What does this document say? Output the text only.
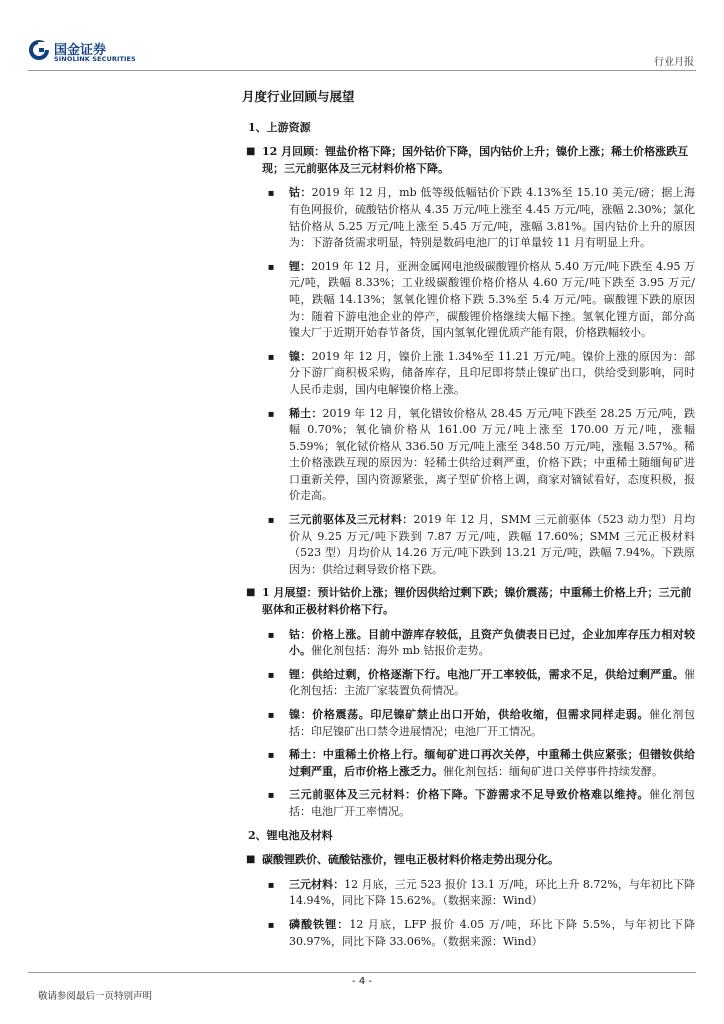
国金证券
SINOLINK SECURITIES	行业月报
月度行业回顾与展望
1、上游资源
■ 12 月回顾：锂盐价格下降；国外钴价下降，国内钴价上升；镍价上涨；稀土价格涨跌互现；三元前驱体及三元材料价格下降。
■ 钴：2019 年 12 月，mb 低等级低幅钴价下跌 4.13%至 15.10 美元/磅；据上海有色网报价，硫酸钴价格从 4.35 万元/吨上涨至 4.45 万元/吨，涨幅 2.30%；氯化钴价格从 5.25 万元/吨上涨至 5.45 万元/吨，涨幅 3.81%。国内钴价上升的原因为：下游备货需求明显，特别是数码电池厂的订单量较 11 月有明显上升。
■ 锂：2019 年 12 月，亚洲金属网电池级碳酸锂价格从 5.40 万元/吨下跌至 4.95 万元/吨，跌幅 8.33%；工业级碳酸锂价格价格从 4.60 万元/吨下跌至 3.95 万元/吨，跌幅 14.13%；氢氧化锂价格下跌 5.3%至 5.4 万元/吨。碳酸锂下跌的原因为：随着下游电池企业的停产，碳酸锂价格继续大幅下挫。氢氧化锂方面，部分高镍大厂于近期开始春节备货，国内氢氧化锂优质产能有限，价格跌幅较小。
■ 镍：2019 年 12 月，镍价上涨 1.34%至 11.21 万元/吨。镍价上涨的原因为：部分下游厂商积极采购，储备库存，且印尼即将禁止镍矿出口，供给受到影响，同时人民币走弱，国内电解镍价格上涨。
■ 稀土：2019 年 12 月，氧化镨钕价格从 28.45 万元/吨下跌至 28.25 万元/吨，跌幅 0.70%；氧化镝价格从 161.00 万元/吨上涨至 170.00 万元/吨，涨幅 5.59%；氧化铽价格从 336.50 万元/吨上涨至 348.50 万元/吨，涨幅 3.57%。稀土价格涨跌互现的原因为：轻稀土供给过剩严重，价格下跌；中重稀土随缅甸矿进口重新关停，国内资源紧张，离子型矿价格上调，商家对镝铽看好，态度积极，报价走高。
■ 三元前驱体及三元材料：2019 年 12 月，SMM 三元前驱体（523 动力型）月均价从 9.25 万元/吨下跌到 7.87 万元/吨，跌幅 17.60%；SMM 三元正极材料（523 型）月均价从 14.26 万元/吨下跌到 13.21 万元/吨，跌幅 7.94%。下跌原因为：供给过剩导致价格下跌。
■ 1 月展望：预计钴价上涨；锂价因供给过剩下跌；镍价震荡；中重稀土价格上升；三元前驱体和正极材料价格下行。
■ 钴：价格上涨。目前中游库存较低，且资产负债表日已过，企业加库存压力相对较小。催化剂包括：海外 mb 钴报价走势。
■ 锂：供给过剩，价格逐渐下行。电池厂开工率较低，需求不足，供给过剩严重。催化剂包括：主流厂家装置负荷情况。
■ 镍：价格震荡。印尼镍矿禁止出口开始，供给收缩，但需求同样走弱。催化剂包括：印尼镍矿出口禁令进展情况；电池厂开工情况。
■ 稀土：中重稀土价格上行。缅甸矿进口再次关停，中重稀土供应紧张；但镨钕供给过剩严重，后市价格上涨乏力。催化剂包括：缅甸矿进口关停事件持续发酵。
■ 三元前驱体及三元材料：价格下降。下游需求不足导致价格难以维持。催化剂包括：电池厂开工率情况。
2、锂电池及材料
■ 碳酸锂跌价、硫酸钴涨价，锂电正极材料价格走势出现分化。
■ 三元材料：12 月底，三元 523 报价 13.1 万/吨，环比上升 8.72%，与年初比下降 14.94%，同比下降 15.62%。（数据来源：Wind）
■ 磷酸铁锂：12 月底，LFP 报价 4.05 万/吨，环比下降 5.5%，与年初比下降 30.97%，同比下降 33.06%。（数据来源：Wind）
- 4 -
敬请参阅最后一页特别声明
